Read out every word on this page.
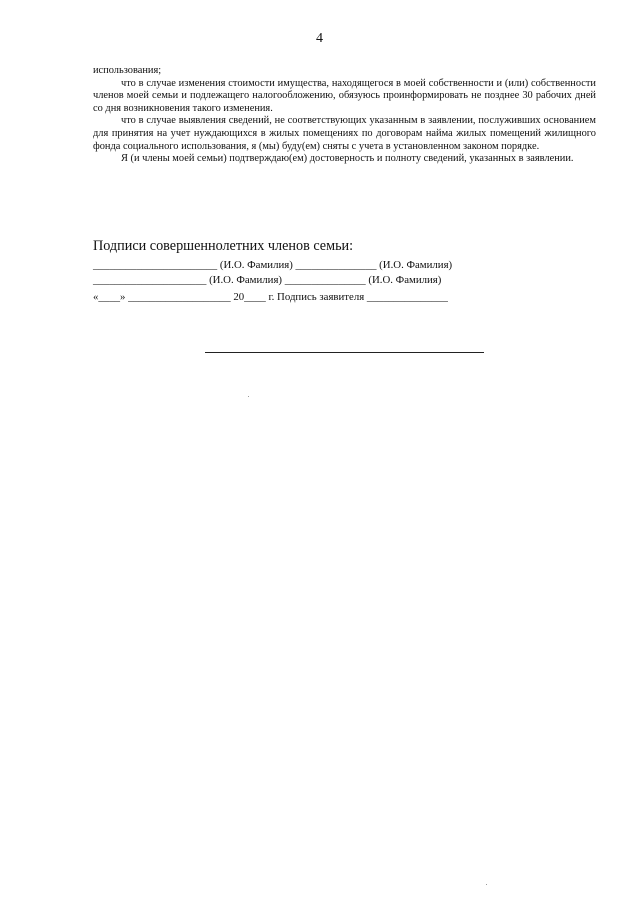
4

использования;

что в случае изменения стоимости имущества, находящегося в моей собственности и (или) собственности членов моей семьи и подлежащего налогообложению, обязуюсь проинформировать не позднее 30 рабочих дней со дня возникновения такого изменения.

что в случае выявления сведений, не соответствующих указанным в заявлении, послуживших основанием для принятия на учет нуждающихся в жилых помещениях по договорам найма жилых помещений жилищного фонда социального использования, я (мы) буду(ем) сняты с учета в установленном законом порядке.

Я (и члены моей семьи) подтверждаю(ем) достоверность и полноту сведений, указанных в заявлении.

Подписи совершеннолетних членов семьи:
_______________________ (И.О. Фамилия) _______________ (И.О. Фамилия)
_____________________ (И.О. Фамилия) _______________ (И.О. Фамилия)
«____» ___________________ 20____ г. Подпись заявителя _______________
